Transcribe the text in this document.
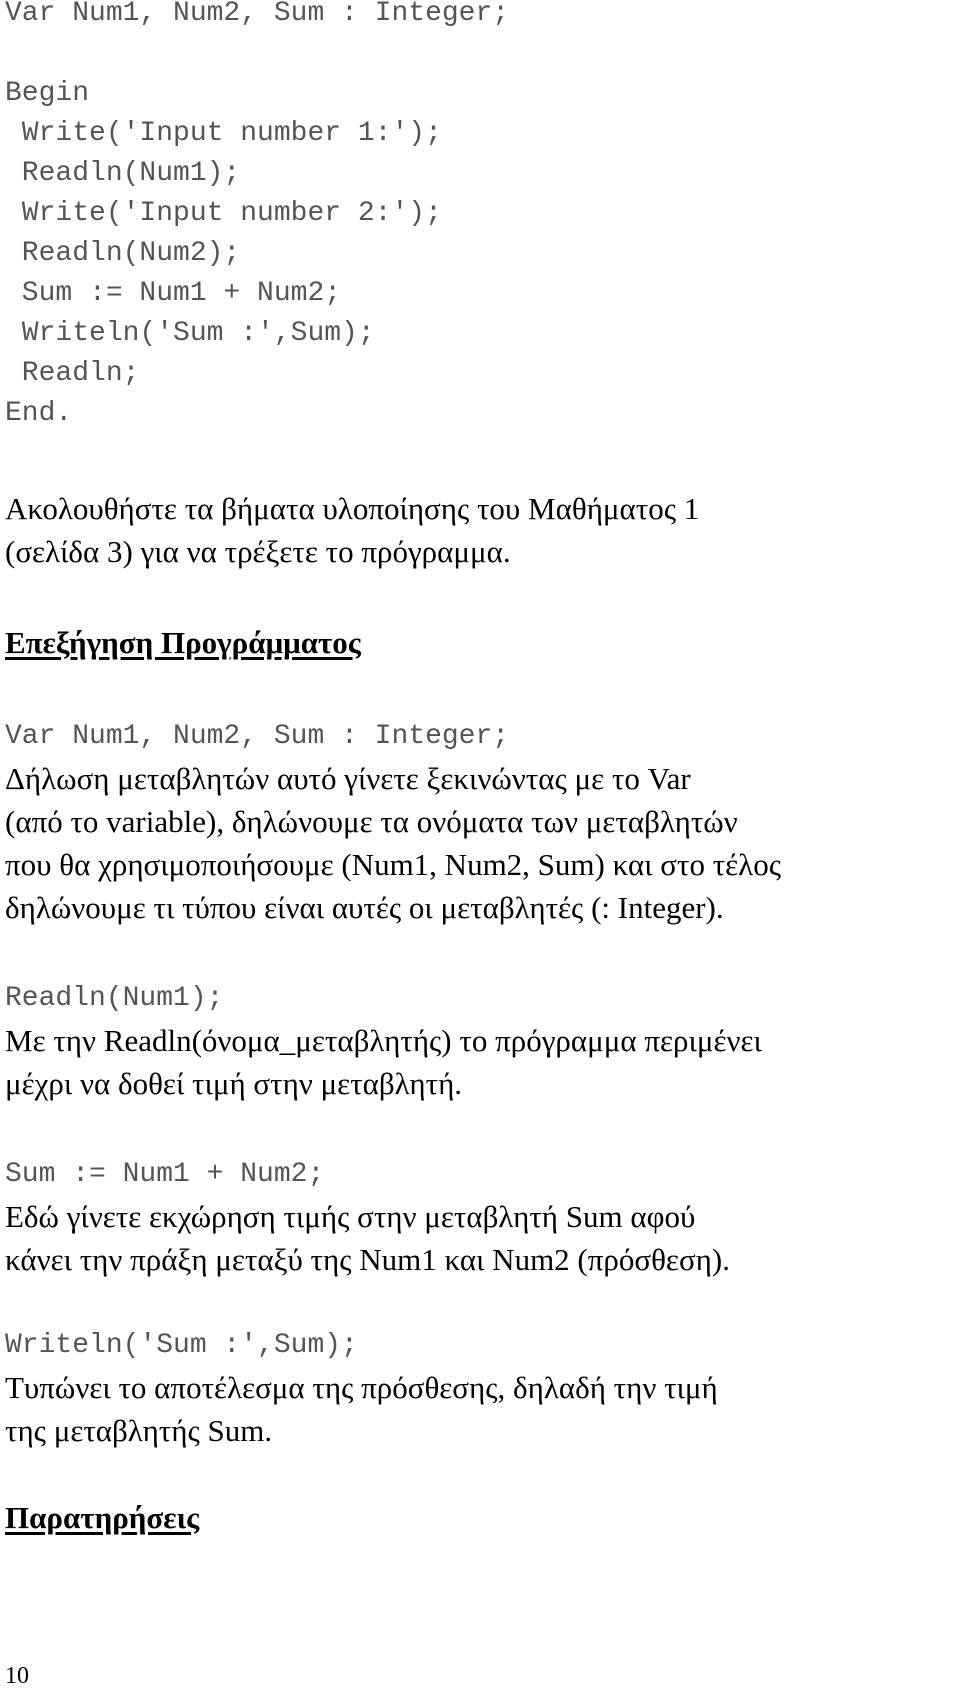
Var Num1, Num2, Sum : Integer;

Begin
Write('Input number 1:');
Readln(Num1);
Write('Input number 2:');
Readln(Num2);
Sum := Num1 + Num2;
Writeln('Sum :',Sum);
Readln;
End.

Ακολουθήστε τα βήματα υλοποίησης του Μαθήματος 1

(σελίδα 3) για να τρέξετε το πρόγραμμα.

Επεξήγηση Προγράμματος
Var Num1, Num2, Sum : Integer;

Δήλωση μεταβλητών αυτό γίνετε ξεκινώντας με το Var

(από το variable), δηλώνουμε τα ονόματα των μεταβλητών

που θα χρησιμοποιήσουμε (Num1, Num2, Sum) και στο τέλος

δηλώνουμε τι τύπου είναι αυτές οι μεταβλητές (: Integer).

Readln(Num1);

Με την Readln(όνομα_μεταβλητής) το πρόγραμμα περιμένει

μέχρι να δοθεί τιμή στην μεταβλητή.

Sum := Num1 + Num2;

Εδώ γίνετε εκχώρηση τιμής στην μεταβλητή Sum αφού

κάνει την πράξη μεταξύ της Num1 και Num2 (πρόσθεση).

Writeln('Sum :',Sum);

Τυπώνει το αποτέλεσμα της πρόσθεσης, δηλαδή την τιμή

της μεταβλητής Sum.

Παρατηρήσεις
10
